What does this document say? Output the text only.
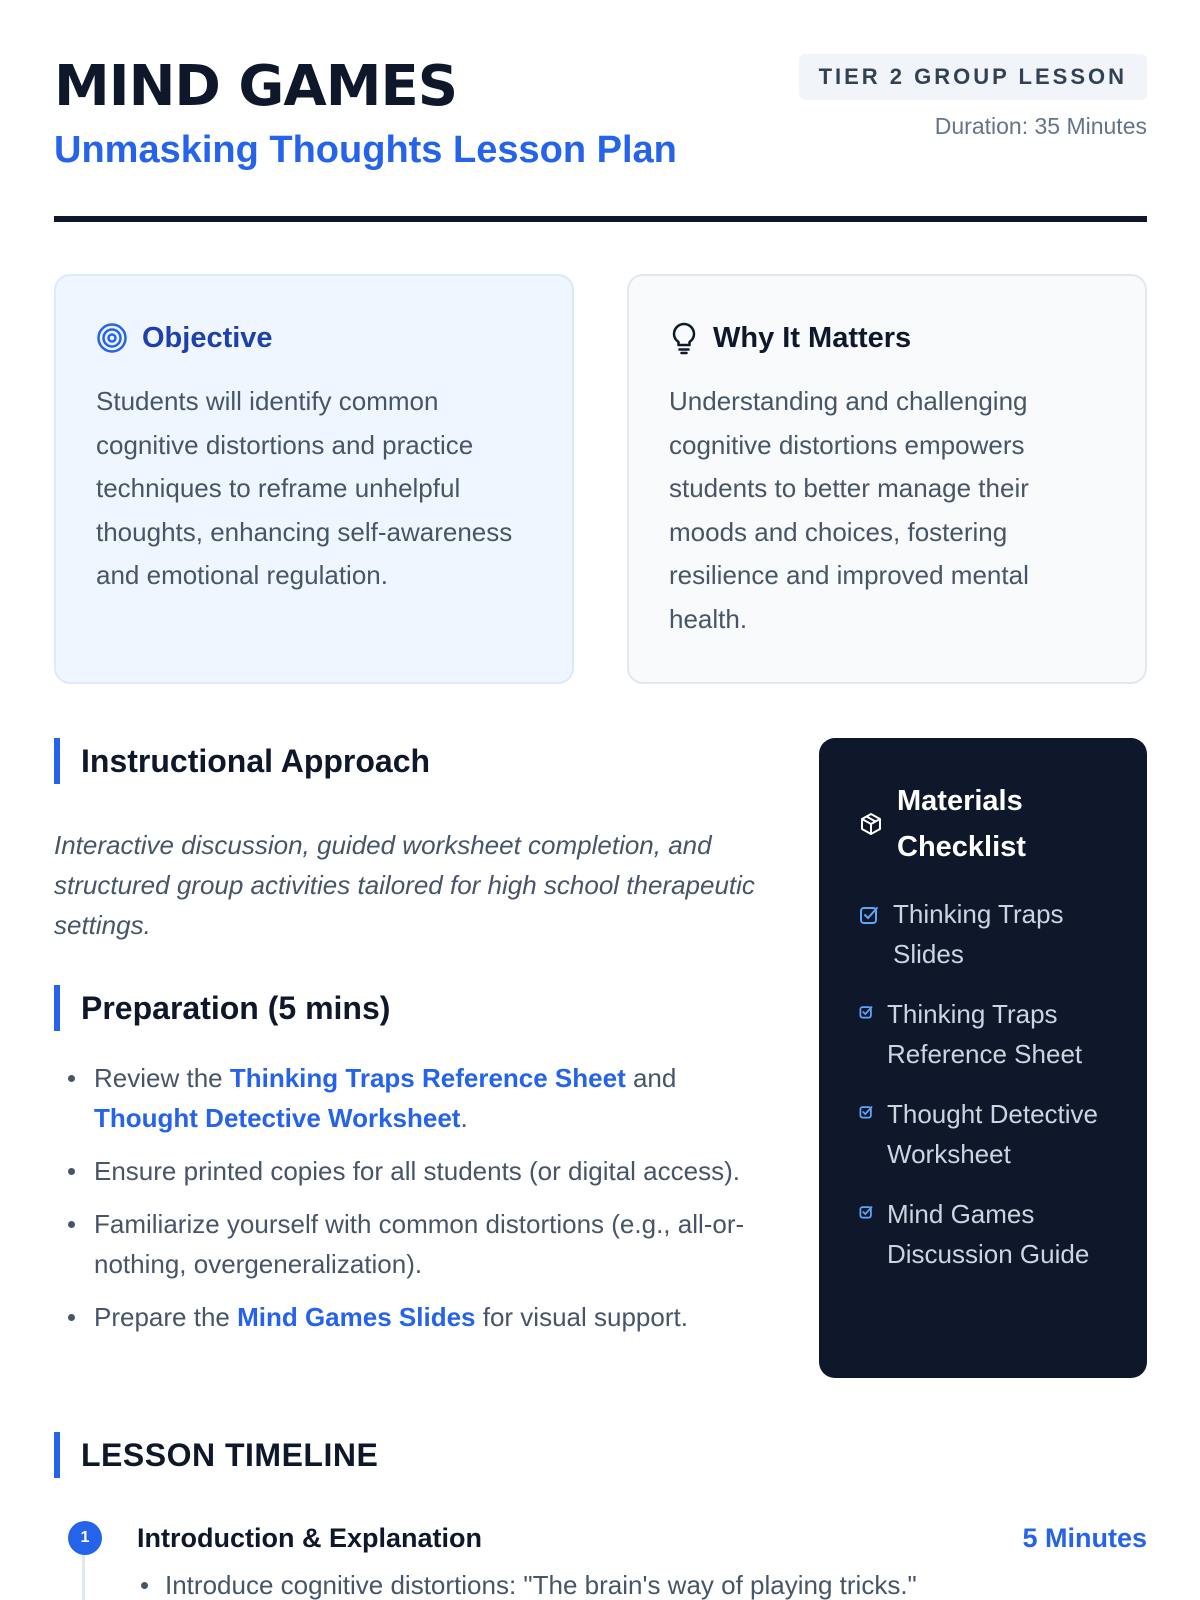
MIND GAMES
Unmasking Thoughts Lesson Plan
TIER 2 GROUP LESSON
Duration: 35 Minutes
Objective

Students will identify common cognitive distortions and practice techniques to reframe unhelpful thoughts, enhancing self-awareness and emotional regulation.

Why It Matters

Understanding and challenging cognitive distortions empowers students to better manage their moods and choices, fostering resilience and improved mental health.

Instructional Approach

Interactive discussion, guided worksheet completion, and structured group activities tailored for high school therapeutic settings.

Preparation (5 mins)
Review the Thinking Traps Reference Sheet and Thought Detective Worksheet.
Ensure printed copies for all students (or digital access).
Familiarize yourself with common distortions (e.g., all-or-nothing, overgeneralization).
Prepare the Mind Games Slides for visual support.
Materials Checklist
Thinking Traps Slides
Thinking Traps Reference Sheet
Thought Detective Worksheet
Mind Games Discussion Guide
LESSON TIMELINE
1	Introduction & Explanation	5 Minutes
Introduce cognitive distortions: "The brain's way of playing tricks."
